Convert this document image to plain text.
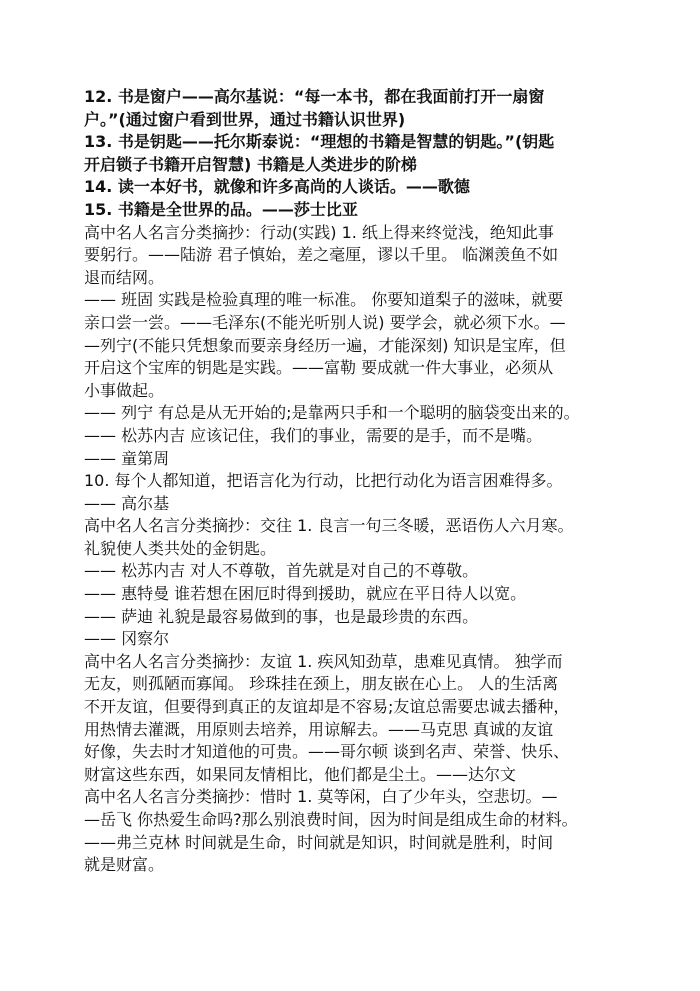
12. 书是窗户——高尔基说：“每一本书，都在我面前打开一扇窗
户。”(通过窗户看到世界，通过书籍认识世界)
13. 书是钥匙——托尔斯泰说：“理想的书籍是智慧的钥匙。”(钥匙
开启锁子书籍开启智慧) 书籍是人类进步的阶梯
14. 读一本好书，就像和许多高尚的人谈话。——歌德
15. 书籍是全世界的品。——莎士比亚
高中名人名言分类摘抄：行动(实践) 1. 纸上得来终觉浅，绝知此事
要躬行。——陆游 君子慎始，差之毫厘，谬以千里。 临渊羡鱼不如
退而结网。
—— 班固 实践是检验真理的唯一标准。 你要知道梨子的滋味，就要
亲口尝一尝。——毛泽东(不能光听别人说) 要学会，就必须下水。—
—列宁(不能只凭想象而要亲身经历一遍，才能深刻) 知识是宝库，但
开启这个宝库的钥匙是实践。——富勒 要成就一件大事业，必须从
小事做起。
—— 列宁 有总是从无开始的;是靠两只手和一个聪明的脑袋变出来的。
—— 松苏内吉 应该记住，我们的事业，需要的是手，而不是嘴。
—— 童第周
10. 每个人都知道，把语言化为行动，比把行动化为语言困难得多。
—— 高尔基
高中名人名言分类摘抄：交往 1. 良言一句三冬暖，恶语伤人六月寒。
礼貌使人类共处的金钥匙。
—— 松苏内吉 对人不尊敬，首先就是对自己的不尊敬。
—— 惠特曼 谁若想在困厄时得到援助，就应在平日待人以宽。
—— 萨迪 礼貌是最容易做到的事，也是最珍贵的东西。
—— 冈察尔
高中名人名言分类摘抄：友谊 1. 疾风知劲草，患难见真情。 独学而
无友，则孤陋而寡闻。 珍珠挂在颈上，朋友嵌在心上。 人的生活离
不开友谊，但要得到真正的友谊却是不容易;友谊总需要忠诚去播种，
用热情去灌溉，用原则去培养，用谅解去。——马克思 真诚的友谊
好像，失去时才知道他的可贵。——哥尔顿 谈到名声、荣誉、快乐、
财富这些东西，如果同友情相比，他们都是尘土。——达尔文
高中名人名言分类摘抄：惜时 1. 莫等闲，白了少年头，空悲切。—
—岳飞 你热爱生命吗?那么别浪费时间，因为时间是组成生命的材料。
——弗兰克林 时间就是生命，时间就是知识，时间就是胜利，时间
就是财富。
